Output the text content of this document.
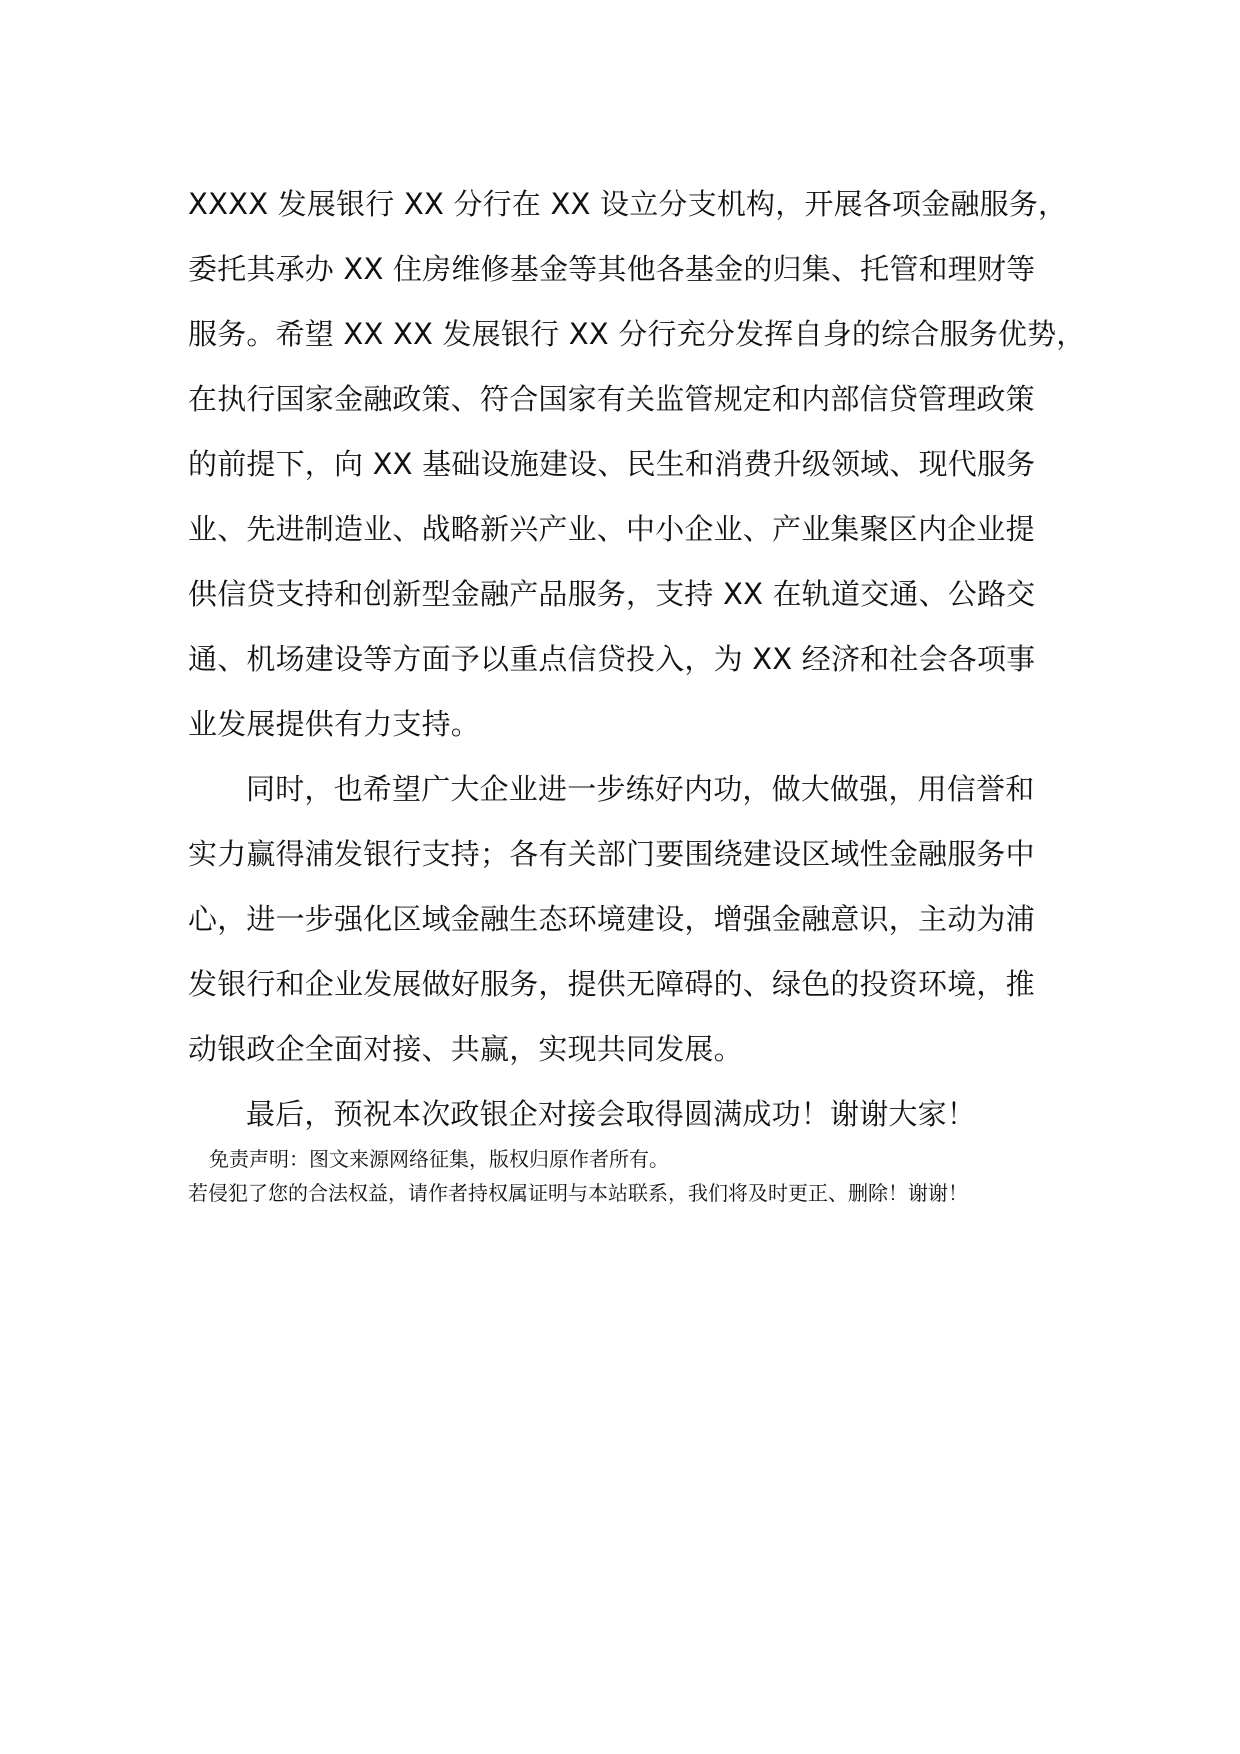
XXXX 发展银行 XX 分行在 XX 设立分支机构，开展各项金融服务，
委托其承办 XX 住房维修基金等其他各基金的归集、托管和理财等
服务。希望 XX XX 发展银行 XX 分行充分发挥自身的综合服务优势，
在执行国家金融政策、符合国家有关监管规定和内部信贷管理政策
的前提下，向 XX 基础设施建设、民生和消费升级领域、现代服务
业、先进制造业、战略新兴产业、中小企业、产业集聚区内企业提
供信贷支持和创新型金融产品服务，支持 XX 在轨道交通、公路交
通、机场建设等方面予以重点信贷投入，为 XX 经济和社会各项事
业发展提供有力支持。
同时，也希望广大企业进一步练好内功，做大做强，用信誉和
实力赢得浦发银行支持；各有关部门要围绕建设区域性金融服务中
心，进一步强化区域金融生态环境建设，增强金融意识，主动为浦
发银行和企业发展做好服务，提供无障碍的、绿色的投资环境，推
动银政企全面对接、共赢，实现共同发展。
最后，预祝本次政银企对接会取得圆满成功！谢谢大家！
免责声明：图文来源网络征集，版权归原作者所有。
若侵犯了您的合法权益，请作者持权属证明与本站联系，我们将及时更正、删除！谢谢！
